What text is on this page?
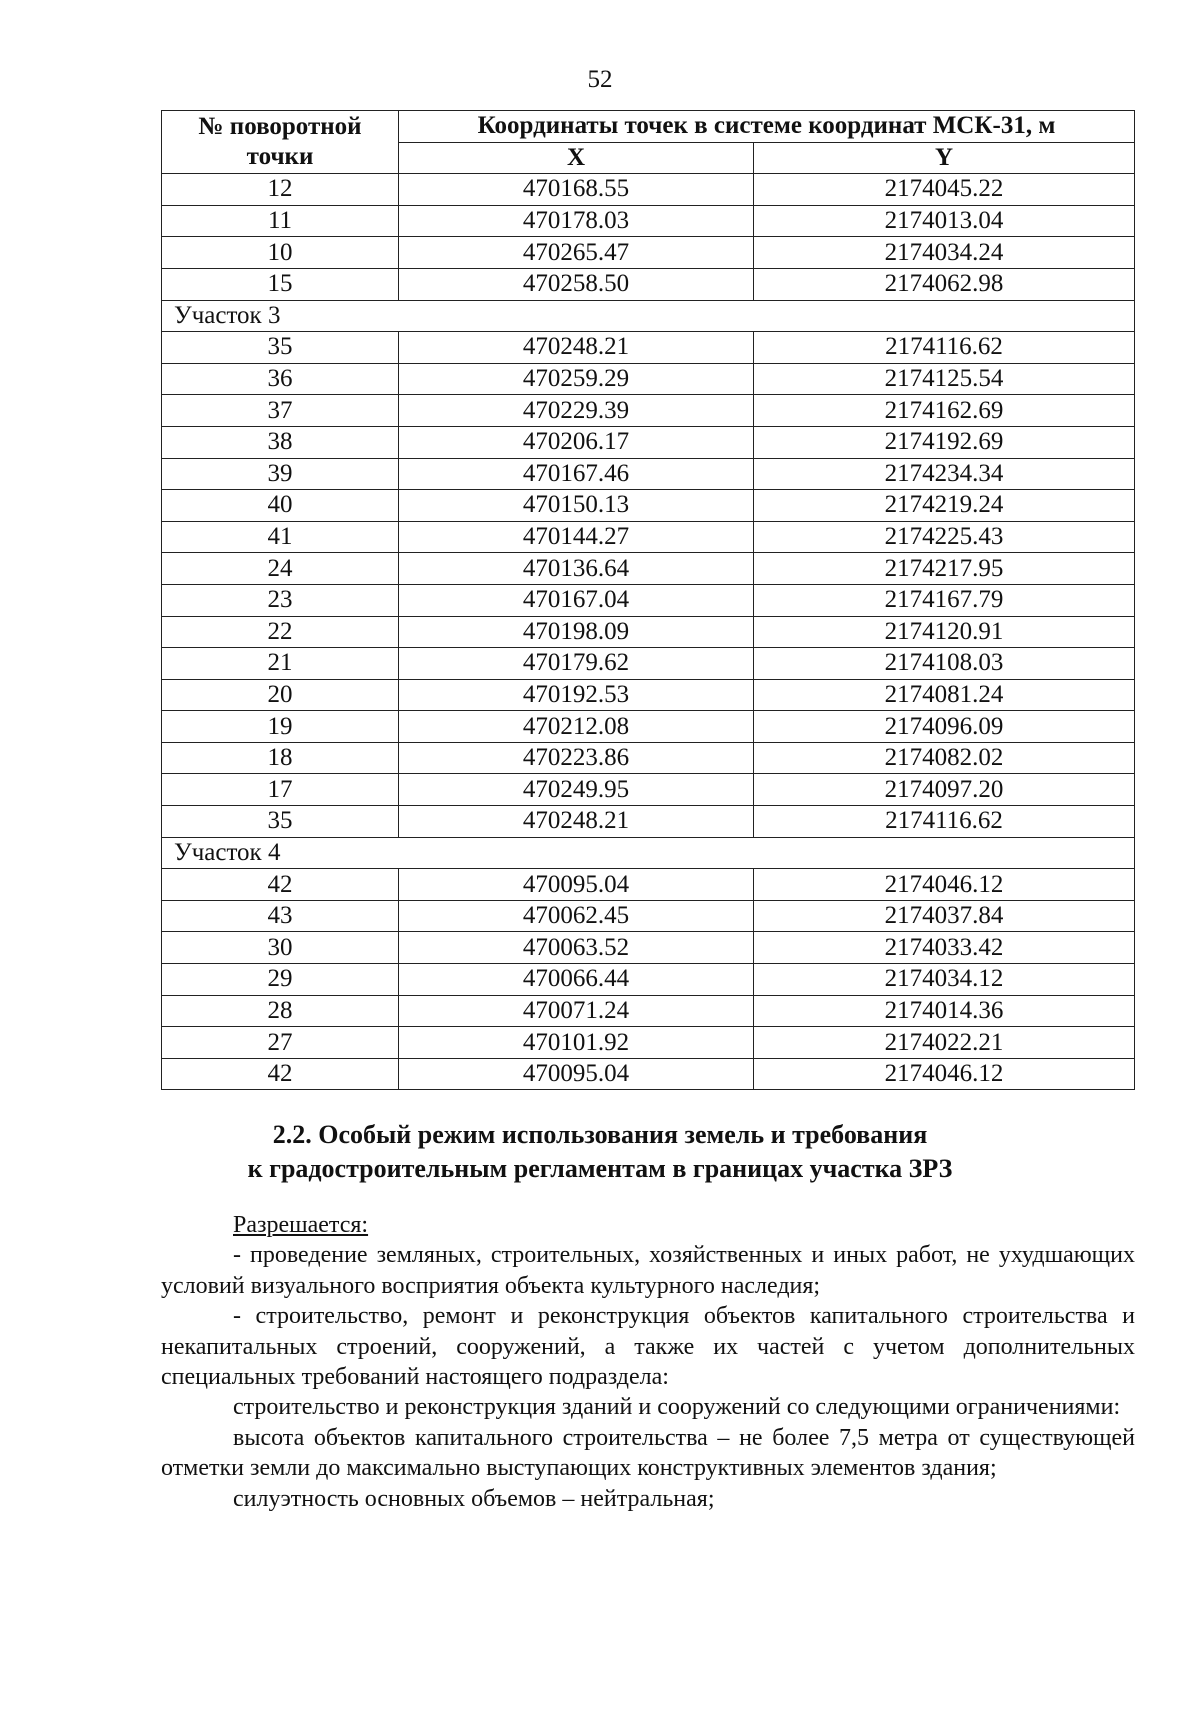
52
№ поворотной точки	Координаты точек в системе координат МСК-31, м	
	X	Y
12	470168.55	2174045.22
11	470178.03	2174013.04
10	470265.47	2174034.24
15	470258.50	2174062.98
Участок 3		
35	470248.21	2174116.62
36	470259.29	2174125.54
37	470229.39	2174162.69
38	470206.17	2174192.69
39	470167.46	2174234.34
40	470150.13	2174219.24
41	470144.27	2174225.43
24	470136.64	2174217.95
23	470167.04	2174167.79
22	470198.09	2174120.91
21	470179.62	2174108.03
20	470192.53	2174081.24
19	470212.08	2174096.09
18	470223.86	2174082.02
17	470249.95	2174097.20
35	470248.21	2174116.62
Участок 4		
42	470095.04	2174046.12
43	470062.45	2174037.84
30	470063.52	2174033.42
29	470066.44	2174034.12
28	470071.24	2174014.36
27	470101.92	2174022.21
42	470095.04	2174046.12
2.2. Особый режим использования земель и требования
к градостроительным регламентам в границах участка ЗРЗ

Разрешается:

- проведение земляных, строительных, хозяйственных и иных работ, не ухудшающих условий визуального восприятия объекта культурного наследия;

- строительство, ремонт и реконструкция объектов капитального строительства и некапитальных строений, сооружений, а также их частей с учетом дополнительных специальных требований настоящего подраздела:

строительство и реконструкция зданий и сооружений со следующими ограничениями:

высота объектов капитального строительства – не более 7,5 метра от существующей отметки земли до максимально выступающих конструктивных элементов здания;

силуэтность основных объемов – нейтральная;
